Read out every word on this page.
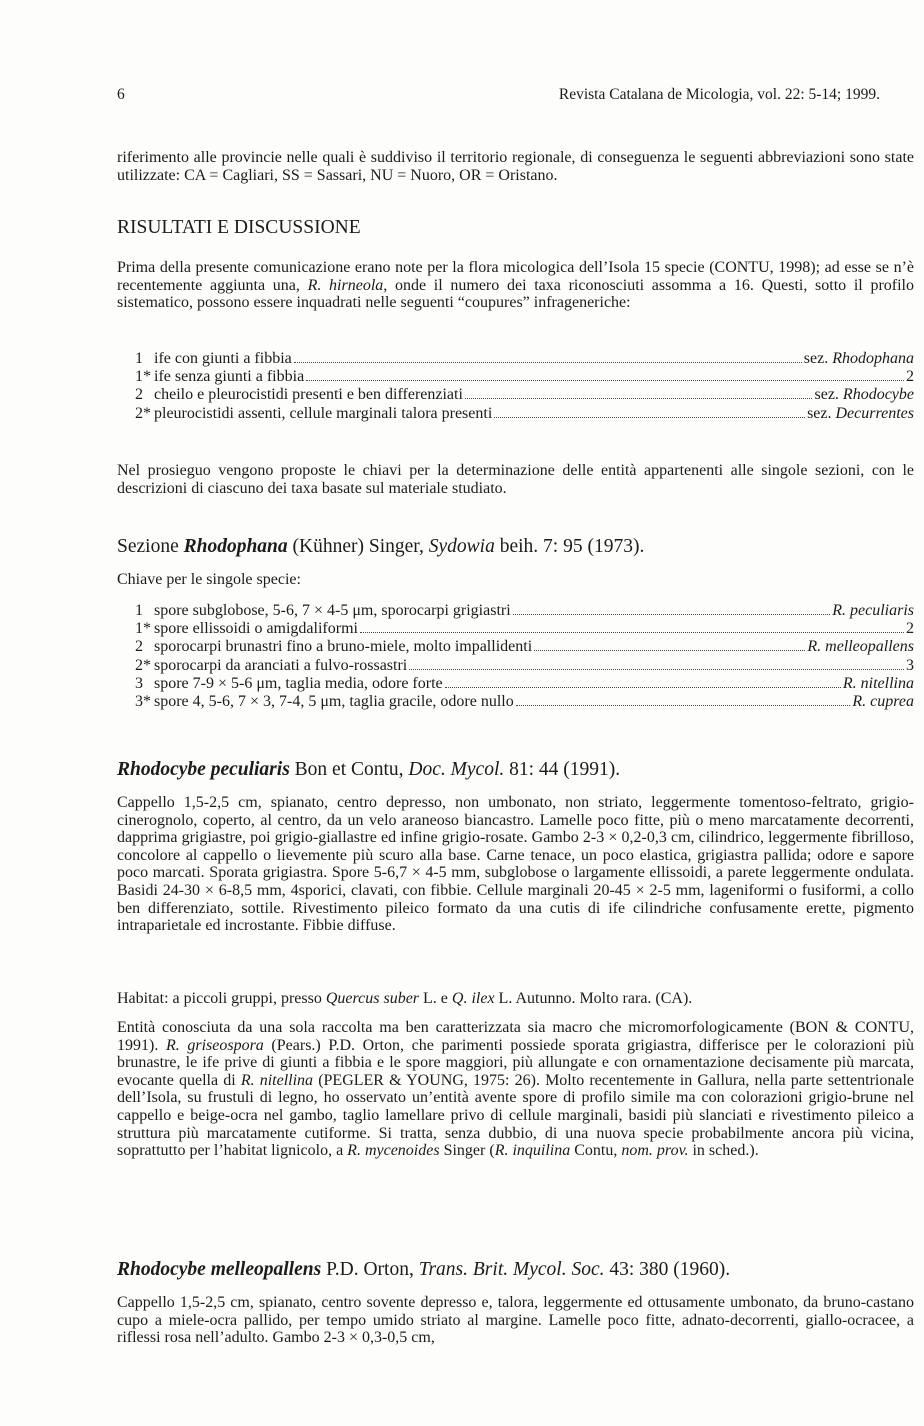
6	Revista Catalana de Micologia, vol. 22: 5-14; 1999.

riferimento alle provincie nelle quali è suddiviso il territorio regionale, di conseguenza le seguenti abbreviazioni sono state utilizzate: CA = Cagliari, SS = Sassari, NU = Nuoro, OR = Oristano.

RISULTATI E DISCUSSIONE

Prima della presente comunicazione erano note per la flora micologica dell’Isola 15 specie (CONTU, 1998); ad esse se n’è recentemente aggiunta una, R. hirneola, onde il numero dei taxa riconosciuti assomma a 16. Questi, sotto il profilo sistematico, possono essere inquadrati nelle seguenti “coupures” infrageneriche:

1 ife con giunti a fibbia	sez. Rhodophana
1* ife senza giunti a fibbia	2
2 cheilo e pleurocistidi presenti e ben differenziati	sez. Rhodocybe
2* pleurocistidi assenti, cellule marginali talora presenti	sez. Decurrentes

Nel prosieguo vengono proposte le chiavi per la determinazione delle entità appartenenti alle singole sezioni, con le descrizioni di ciascuno dei taxa basate sul materiale studiato.

Sezione Rhodophana (Kühner) Singer, Sydowia beih. 7: 95 (1973).

Chiave per le singole specie:

1 spore subglobose, 5-6, 7 × 4-5 μm, sporocarpi grigiastri	R. peculiaris
1* spore ellissoidi o amigdaliformi	2
2 sporocarpi brunastri fino a bruno-miele, molto impallidenti	R. melleopallens
2* sporocarpi da aranciati a fulvo-rossastri	3
3 spore 7-9 × 5-6 μm, taglia media, odore forte	R. nitellina
3* spore 4, 5-6, 7 × 3, 7-4, 5 μm, taglia gracile, odore nullo	R. cuprea
Rhodocybe peculiaris Bon et Contu, Doc. Mycol. 81: 44 (1991).

Cappello 1,5-2,5 cm, spianato, centro depresso, non umbonato, non striato, leggermente tomentoso-feltrato, grigio-cinerognolo, coperto, al centro, da un velo araneoso biancastro. Lamelle poco fitte, più o meno marcatamente decorrenti, dapprima grigiastre, poi grigio-giallastre ed infine grigio-rosate. Gambo 2-3 × 0,2-0,3 cm, cilindrico, leggermente fibrilloso, concolore al cappello o lievemente più scuro alla base. Carne tenace, un poco elastica, grigiastra pallida; odore e sapore poco marcati. Sporata grigiastra. Spore 5-6,7 × 4-5 mm, subglobose o largamente ellissoidi, a parete leggermente ondulata. Basidi 24-30 × 6-8,5 mm, 4sporici, clavati, con fibbie. Cellule marginali 20-45 × 2-5 mm, lageniformi o fusiformi, a collo ben differenziato, sottile. Rivestimento pileico formato da una cutis di ife cilindriche confusamente erette, pigmento intraparietale ed incrostante. Fibbie diffuse.

Habitat: a piccoli gruppi, presso Quercus suber L. e Q. ilex L. Autunno. Molto rara. (CA).

Entità conosciuta da una sola raccolta ma ben caratterizzata sia macro che micromorfologicamente (BON & CONTU, 1991). R. griseospora (Pears.) P.D. Orton, che parimenti possiede sporata grigiastra, differisce per le colorazioni più brunastre, le ife prive di giunti a fibbia e le spore maggiori, più allungate e con ornamentazione decisamente più marcata, evocante quella di R. nitellina (PEGLER & YOUNG, 1975: 26). Molto recentemente in Gallura, nella parte settentrionale dell’Isola, su frustuli di legno, ho osservato un’entità avente spore di profilo simile ma con colorazioni grigio-brune nel cappello e beige-ocra nel gambo, taglio lamellare privo di cellule marginali, basidi più slanciati e rivestimento pileico a struttura più marcatamente cutiforme. Si tratta, senza dubbio, di una nuova specie probabilmente ancora più vicina, soprattutto per l’habitat lignicolo, a R. mycenoides Singer (R. inquilina Contu, nom. prov. in sched.).

Rhodocybe melleopallens P.D. Orton, Trans. Brit. Mycol. Soc. 43: 380 (1960).

Cappello 1,5-2,5 cm, spianato, centro sovente depresso e, talora, leggermente ed ottusamente umbonato, da bruno-castano cupo a miele-ocra pallido, per tempo umido striato al margine. Lamelle poco fitte, adnato-decorrenti, giallo-ocracee, a riflessi rosa nell’adulto. Gambo 2-3 × 0,3-0,5 cm,
